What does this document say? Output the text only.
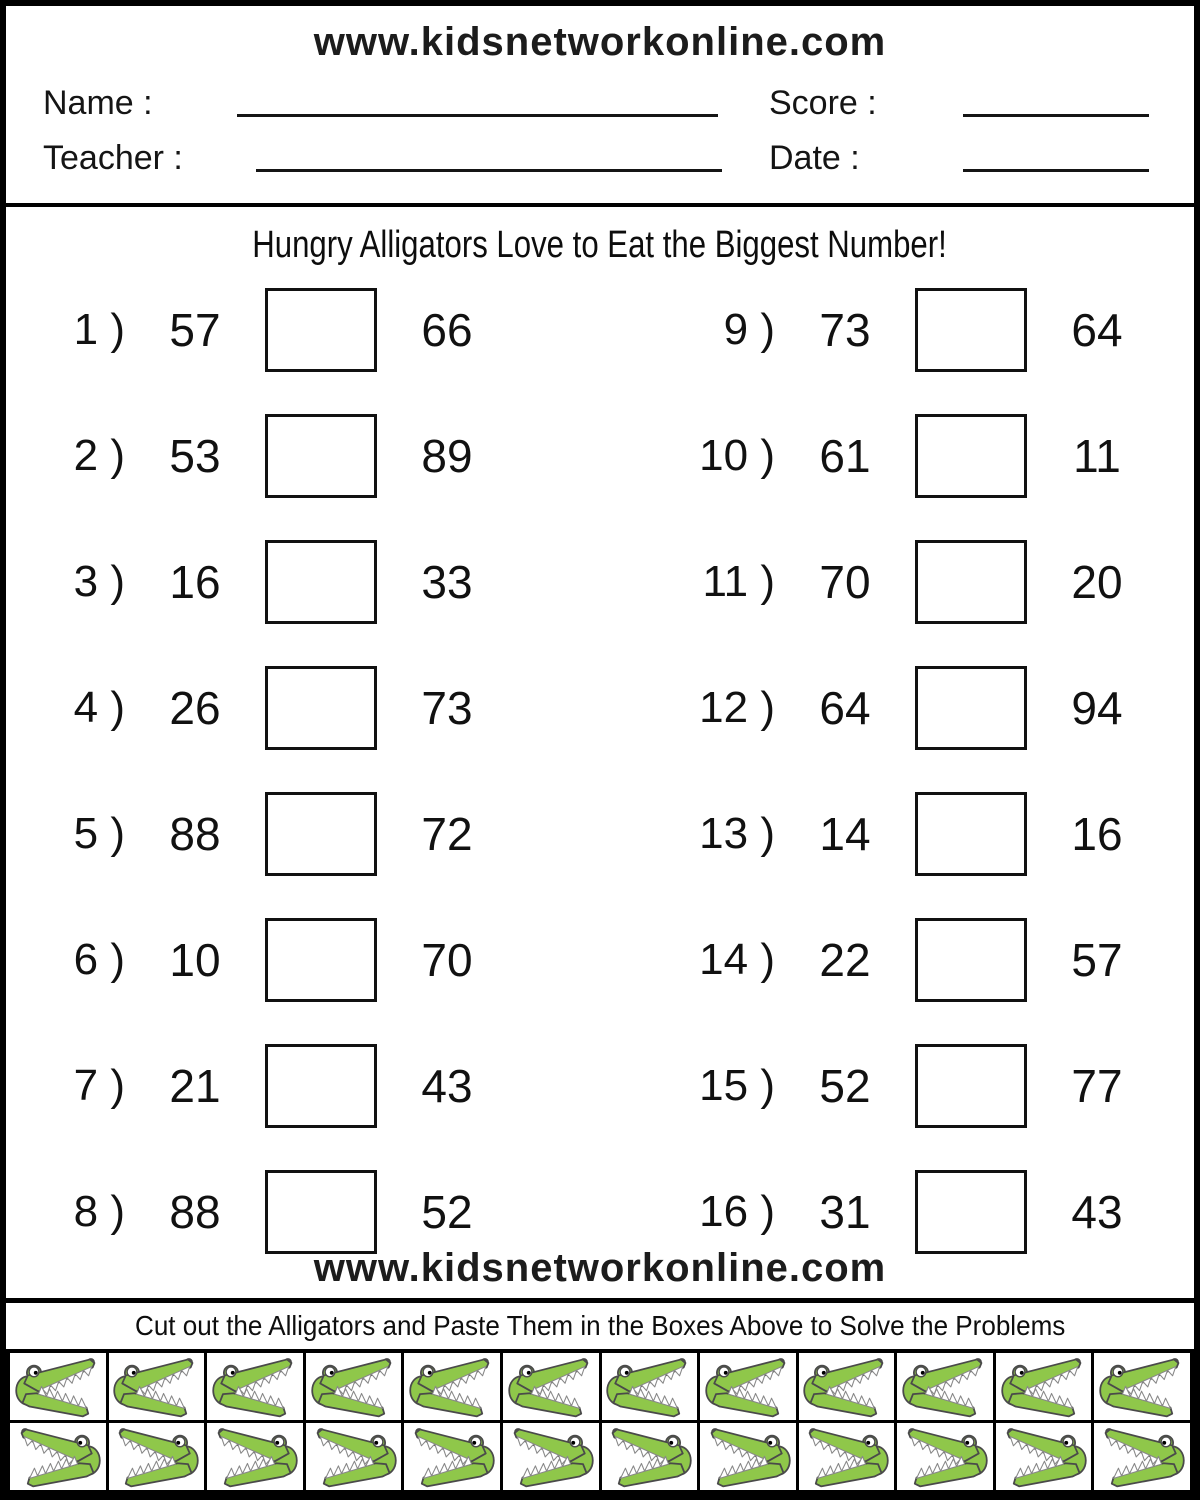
www.kidsnetworkonline.com
Name :	Score :
Teacher :	Date :
Hungry Alligators Love to Eat the Biggest Number!
1 ) 57	66
2 ) 53	89
3 ) 16	33
4 ) 26	73
5 ) 88	72
6 ) 10	70
7 ) 21	43
8 ) 88	52
9 ) 73	64
10 ) 61	11
11 ) 70	20
12 ) 64	94
13 ) 14	16
14 ) 22	57
15 ) 52	77
16 ) 31	43
www.kidsnetworkonline.com
Cut out the Alligators and Paste Them in the Boxes Above to Solve the Problems
